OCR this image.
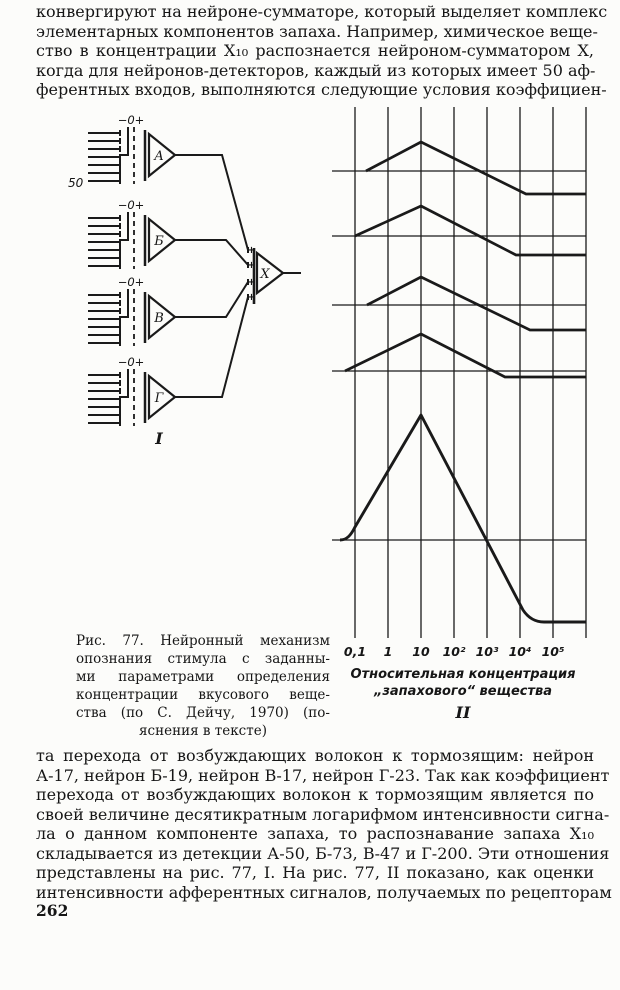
конвергируют на нейроне-сумматоре, который выделяет комплекс
элементарных компонентов запаха. Например, химическое веще-
ство в концентрации Х₁₀ распознается нейроном-сумматором X,
когда для нейронов-детекторов, каждый из которых имеет 50 аф-
ферентных входов, выполняются следующие условия коэффициен-
−0+
А
50
−0+
Б
−0+
В
−0+
Г
+
+
+
+
X
I
0,1 1 10 10² 10³ 10⁴ 10⁵
Относительная концентрация
„запахового“ вещества
II
Рис. 77. Нейронный механизм
опознания стимула с заданны-
ми параметрами определения
концентрации вкусового веще-
ства (по С. Дейчу, 1970) (по-
яснения в тексте)
та перехода от возбуждающих волокон к тормозящим: нейрон
А-17, нейрон Б-19, нейрон В-17, нейрон Г-23. Так как коэффициент
перехода от возбуждающих волокон к тормозящим является по
своей величине десятикратным логарифмом интенсивности сигна-
ла о данном компоненте запаха, то распознавание запаха Х₁₀
складывается из детекции А-50, Б-73, В-47 и Г-200. Эти отношения
представлены на рис. 77, I. На рис. 77, II показано, как оценки
интенсивности афферентных сигналов, получаемых по рецепторам
262
